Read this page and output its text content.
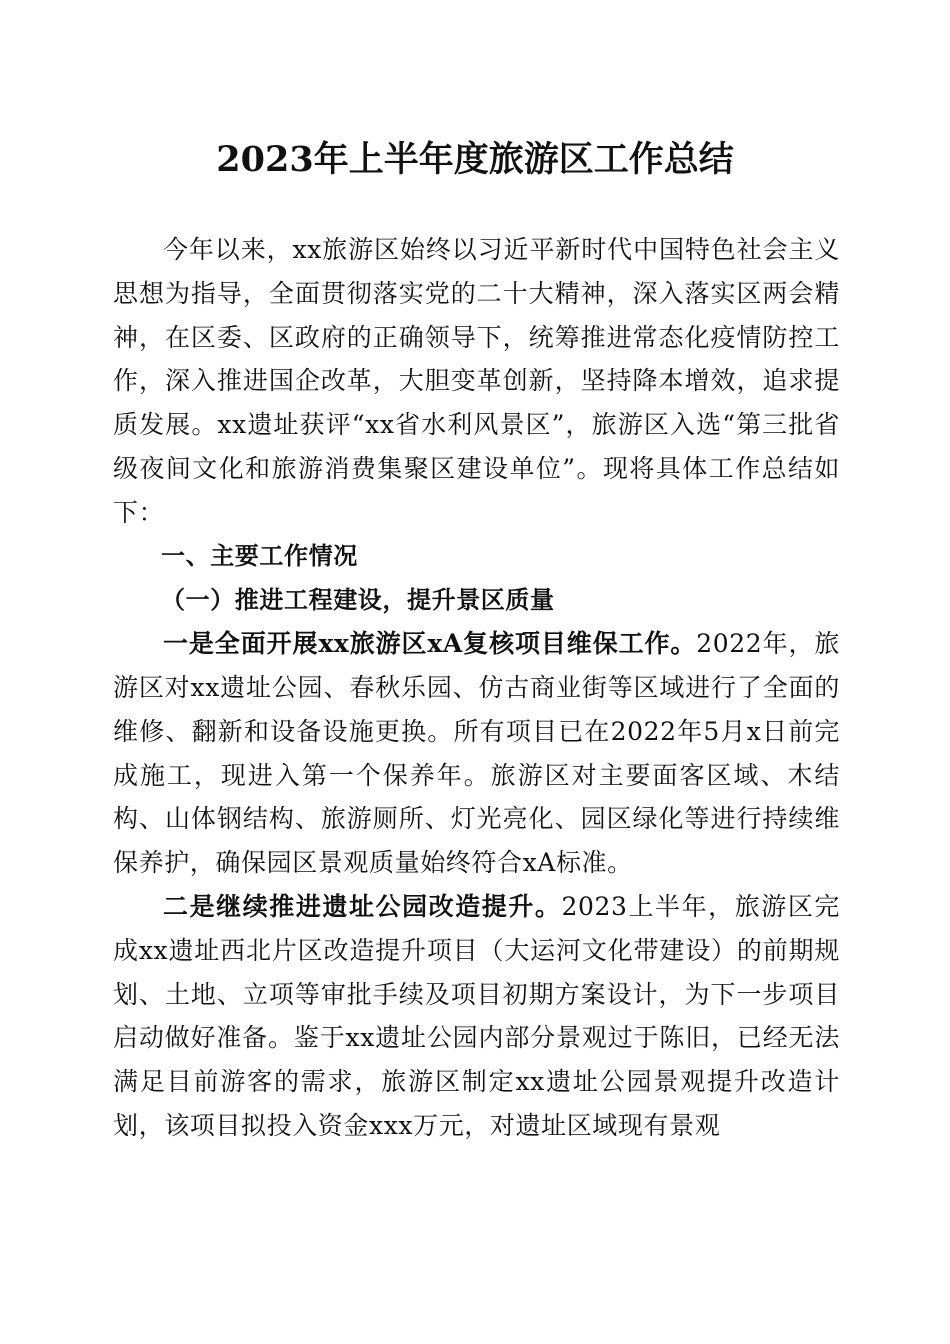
2023年上半年度旅游区工作总结

今年以来，xx旅游区始终以习近平新时代中国特色社会主义思想为指导，全面贯彻落实党的二十大精神，深入落实区两会精神，在区委、区政府的正确领导下，统筹推进常态化疫情防控工作，深入推进国企改革，大胆变革创新，坚持降本增效，追求提质发展。xx遗址获评“xx省水利风景区”，旅游区入选“第三批省级夜间文化和旅游消费集聚区建设单位”。现将具体工作总结如下：

一、主要工作情况

（一）推进工程建设，提升景区质量

一是全面开展xx旅游区xA复核项目维保工作。2022年，旅游区对xx遗址公园、春秋乐园、仿古商业街等区域进行了全面的维修、翻新和设备设施更换。所有项目已在2022年5月x日前完成施工，现进入第一个保养年。旅游区对主要面客区域、木结构、山体钢结构、旅游厕所、灯光亮化、园区绿化等进行持续维保养护，确保园区景观质量始终符合xA标准。

二是继续推进遗址公园改造提升。2023上半年，旅游区完成xx遗址西北片区改造提升项目（大运河文化带建设）的前期规划、土地、立项等审批手续及项目初期方案设计，为下一步项目启动做好准备。鉴于xx遗址公园内部分景观过于陈旧，已经无法满足目前游客的需求，旅游区制定xx遗址公园景观提升改造计划，该项目拟投入资金xxx万元，对遗址区域现有景观
